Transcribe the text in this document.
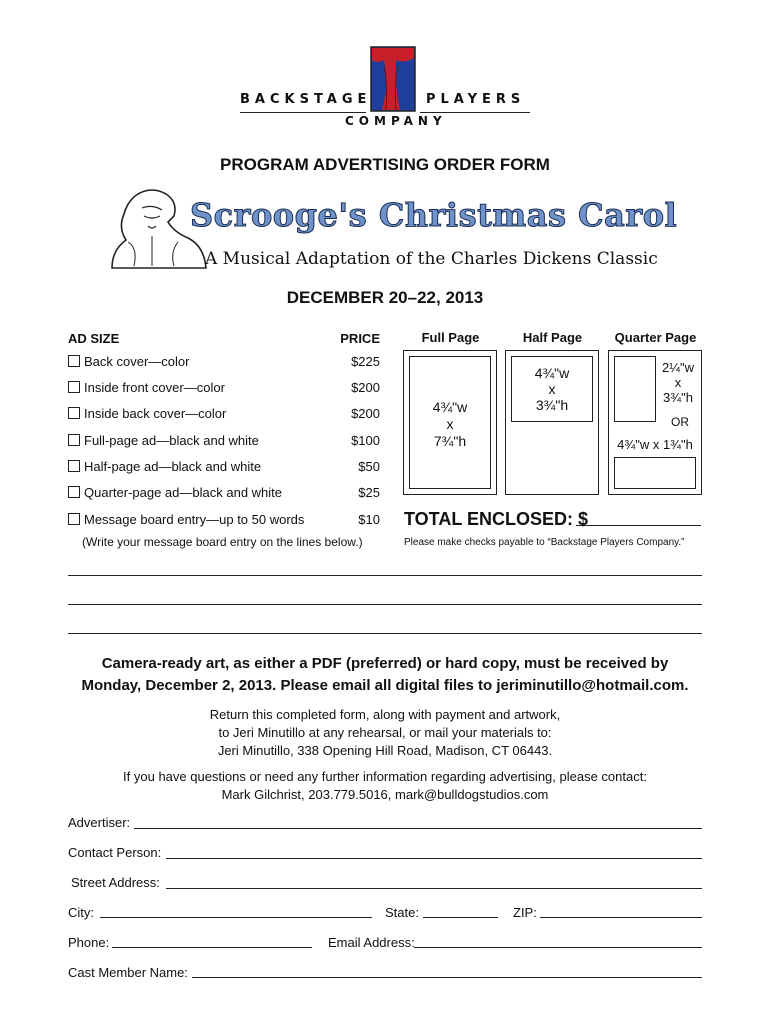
BACKSTAGE	PLAYERS
COMPANY
PROGRAM ADVERTISING ORDER FORM
Scrooge's Christmas Carol
A Musical Adaptation of the Charles Dickens Classic
DECEMBER 20–22, 2013
AD SIZE	PRICE
Back cover—color	$225
Inside front cover—color	$200
Inside back cover—color	$200
Full-page ad—black and white	$100
Half-page ad—black and white	$50
Quarter-page ad—black and white	$25
Message board entry—up to 50 words	$10
(Write your message board entry on the lines below.)
Full Page	Half Page	Quarter Page
4¾"w
x
7¾"h
4¾"w
x
3¾"h
2¼"w
x
3¾"h
OR
4¾"w x 1¾"h
TOTAL ENCLOSED: $
Please make checks payable to “Backstage Players Company.”
Camera-ready art, as either a PDF (preferred) or hard copy, must be received by
Monday, December 2, 2013. Please email all digital files to jeriminutillo@hotmail.com.
Return this completed form, along with payment and artwork,
to Jeri Minutillo at any rehearsal, or mail your materials to:
Jeri Minutillo, 338 Opening Hill Road, Madison, CT 06443.
If you have questions or need any further information regarding advertising, please contact:
Mark Gilchrist, 203.779.5016, mark@bulldogstudios.com
Advertiser:
Contact Person:
Street Address:
City:	State:	ZIP:
Phone:	Email Address:
Cast Member Name:
